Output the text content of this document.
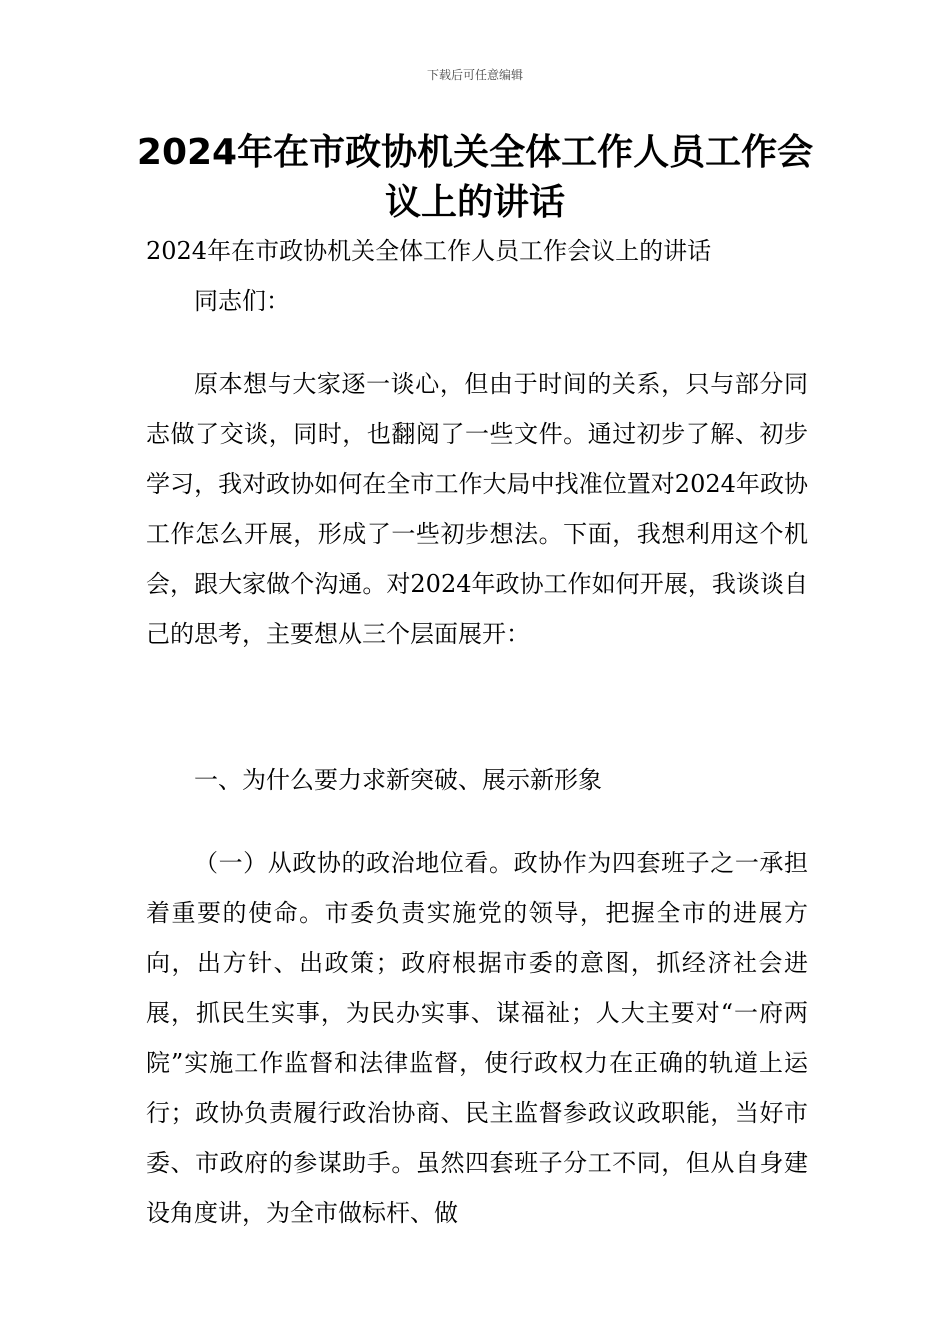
下载后可任意编辑
2024年在市政协机关全体工作人员工作会
议上的讲话

2024年在市政协机关全体工作人员工作会议上的讲话

同志们：

原本想与大家逐一谈心，但由于时间的关系，只与部分同志做了交谈，同时，也翻阅了一些文件。通过初步了解、初步学习，我对政协如何在全市工作大局中找准位置对2024年政协工作怎么开展，形成了一些初步想法。下面，我想利用这个机会，跟大家做个沟通。对2024年政协工作如何开展，我谈谈自己的思考，主要想从三个层面展开：

一、为什么要力求新突破、展示新形象

（一）从政协的政治地位看。政协作为四套班子之一承担着重要的使命。市委负责实施党的领导，把握全市的进展方向，出方针、出政策；政府根据市委的意图，抓经济社会进展，抓民生实事，为民办实事、谋福祉；人大主要对“一府两院”实施工作监督和法律监督，使行政权力在正确的轨道上运行；政协负责履行政治协商、民主监督参政议政职能，当好市委、市政府的参谋助手。虽然四套班子分工不同，但从自身建设角度讲，为全市做标杆、做
